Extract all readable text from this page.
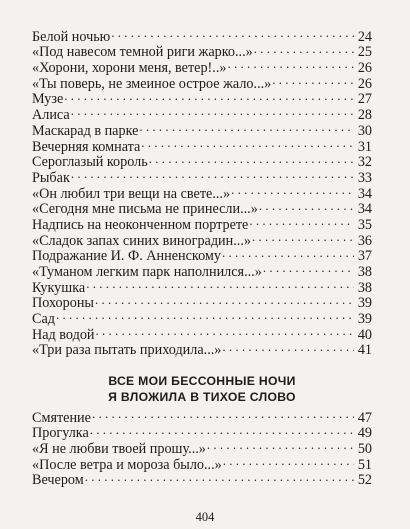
Белой ночью . . .	24
«Под навесом темной риги жарко...» . . .	25
«Хорони, хорони меня, ветер!..» . . .	26
«Ты поверь, не змеиное острое жало...» . . .	26
Музе . . .	27
Алиса . . .	28
Маскарад в парке . . .	30
Вечерняя комната . . .	31
Сероглазый король . . .	32
Рыбак . . .	33
«Он любил три вещи на свете...» . . .	34
«Сегодня мне письма не принесли...» . . .	34
Надпись на неоконченном портрете . . .	35
«Сладок запах синих виноградин...» . . .	36
Подражание И. Ф. Анненскому . . .	37
«Туманом легким парк наполнился...» . . .	38
Кукушка . . .	38
Похороны . . .	39
Сад . . .	39
Над водой . . .	40
«Три раза пытать приходила...» . . .	41
ВСЕ МОИ БЕССОННЫЕ НОЧИ
Я ВЛОЖИЛА В ТИХОЕ СЛОВО
Смятение . . .	47
Прогулка . . .	49
«Я не любви твоей прошу...» . . .	50
«После ветра и мороза было...» . . .	51
Вечером . . .	52
404
